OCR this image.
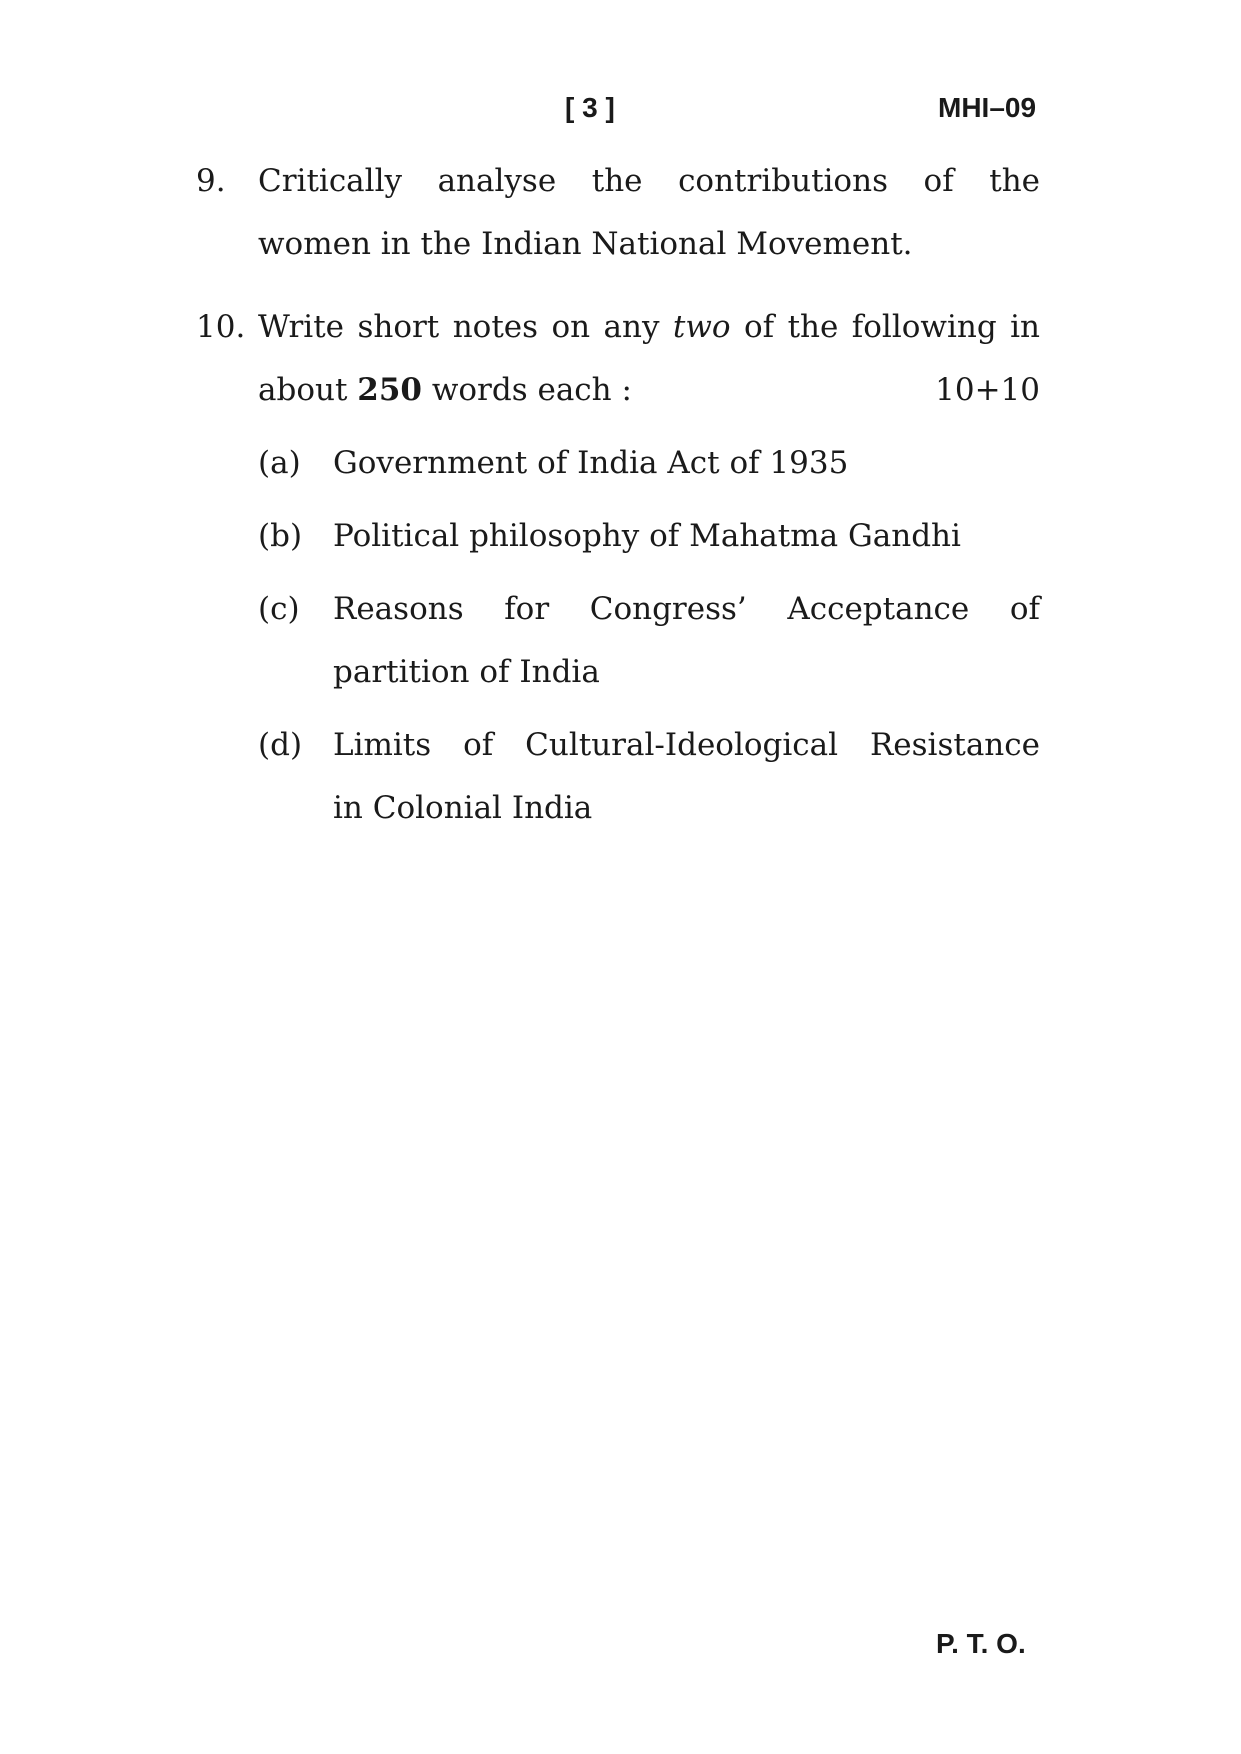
[ 3 ]	MHI–09
9. Critically analyse the contributions of the
women in the Indian National Movement.
10. Write short notes on any two of the following in
about 250 words each :	10+10
(a) Government of India Act of 1935
(b) Political philosophy of Mahatma Gandhi
(c) Reasons for Congress’ Acceptance of
partition of India
(d) Limits of Cultural-Ideological Resistance
in Colonial India
P. T. O.
